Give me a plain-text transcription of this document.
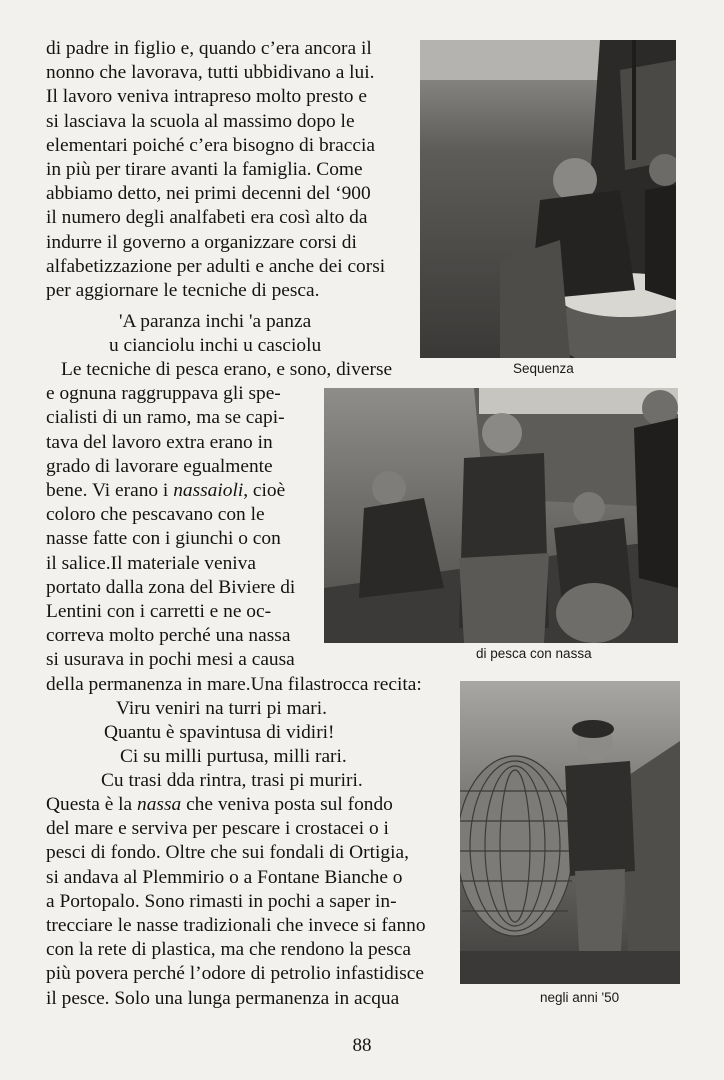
di padre in figlio e, quando c’era ancora il
nonno che lavorava, tutti ubbidivano a lui.
Il lavoro veniva intrapreso molto presto e
si lasciava la scuola al massimo dopo le
elementari poiché c’era bisogno di braccia
in più per tirare avanti la famiglia. Come
abbiamo detto, nei primi decenni del ‘900
il numero degli analfabeti era così alto da
indurre il governo a organizzare corsi di
alfabetizzazione per adulti e anche dei corsi
per aggiornare le tecniche di pesca.
'A paranza inchi 'a panza
u cianciolu inchi u casciolu
Le tecniche di pesca erano, e sono, diverse
e ognuna raggruppava gli spe-
cialisti di un ramo, ma se capi-
tava del lavoro extra erano in
grado di lavorare egualmente
bene. Vi erano i nassaioli, cioè
coloro che pescavano con le
nasse fatte con i giunchi o con
il salice.Il materiale veniva
portato dalla zona del Biviere di
Lentini con i carretti e ne oc-
correva molto perché una nassa
si usurava in pochi mesi a causa
della permanenza in mare.Una filastrocca recita:
Viru veniri na turri pi mari.
Quantu è spavintusa di vidiri!
Ci su milli purtusa, milli rari.
Cu trasi dda rintra, trasi pi muriri.
Questa è la nassa che veniva posta sul fondo
del mare e serviva per pescare i crostacei o i
pesci di fondo. Oltre che sui fondali di Ortigia,
si andava al Plemmirio o a Fontane Bianche o
a Portopalo. Sono rimasti in pochi a saper in-
trecciare le nasse tradizionali che invece si fanno
con la rete di plastica, ma che rendono la pesca
più povera perché l’odore di petrolio infastidisce
il pesce. Solo una lunga permanenza in acqua
Sequenza
di pesca con nassa
negli anni '50
88
